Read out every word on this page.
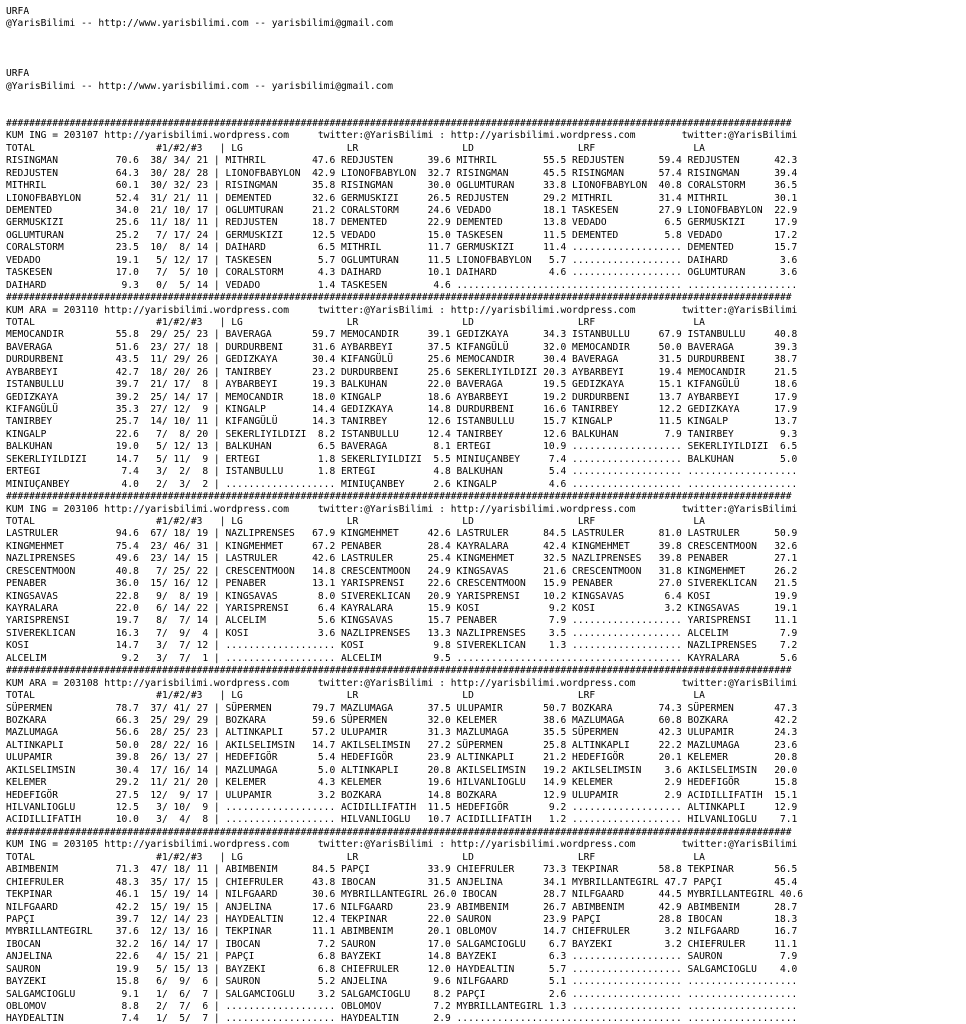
URFA
@YarisBilimi -- http://www.yarisbilimi.com -- yarisbilimi@gmail.com
URFA
@YarisBilimi -- http://www.yarisbilimi.com -- yarisbilimi@gmail.com
########################################################################################################################################
KUM ING = 203107 http://yarisbilimi.wordpress.com     twitter:@YarisBilimi : http://yarisbilimi.wordpress.com        twitter:@YarisBilimi
TOTAL                     #1/#2/#3   | LG                  LR                  LD                  LRF                 LA
RISINGMAN          70.6  38/ 34/ 21 | MITHRIL        47.6 REDJUSTEN      39.6 MITHRIL        55.5 REDJUSTEN      59.4 REDJUSTEN      42.3
REDJUSTEN          64.3  30/ 28/ 28 | LIONOFBABYLON  42.9 LIONOFBABYLON  32.7 RISINGMAN      45.5 RISINGMAN      57.4 RISINGMAN      39.4
MITHRIL            60.1  30/ 32/ 23 | RISINGMAN      35.8 RISINGMAN      30.0 OGLUMTURAN     33.8 LIONOFBABYLON  40.8 CORALSTORM     36.5
LIONOFBABYLON      52.4  31/ 21/ 11 | DEMENTED       32.6 GERMUSKIZI     26.5 REDJUSTEN      29.2 MITHRIL        31.4 MITHRIL        30.1
DEMENTED           34.0  21/ 10/ 17 | OGLUMTURAN     21.2 CORALSTORM     24.6 VEDADO         18.1 TASKESEN       27.9 LIONOFBABYLON  22.9
GERMUSKIZI         25.6  11/ 18/ 11 | REDJUSTEN      18.7 DEMENTED       22.9 DEMENTED       13.8 VEDADO          6.5 GERMUSKIZI     17.9
OGLUMTURAN         25.2   7/ 17/ 24 | GERMUSKIZI     12.5 VEDADO         15.0 TASKESEN       11.5 DEMENTED        5.8 VEDADO         17.2
CORALSTORM         23.5  10/  8/ 14 | DAIHARD         6.5 MITHRIL        11.7 GERMUSKIZI     11.4 ................... DEMENTED       15.7
VEDADO             19.1   5/ 12/ 17 | TASKESEN        5.7 OGLUMTURAN     11.5 LIONOFBABYLON   5.7 ................... DAIHARD         3.6
TASKESEN           17.0   7/  5/ 10 | CORALSTORM      4.3 DAIHARD        10.1 DAIHARD         4.6 ................... OGLUMTURAN      3.6
DAIHARD             9.3   0/  5/ 14 | VEDADO          1.4 TASKESEN        4.6 ....................................... ...................
########################################################################################################################################
KUM ARA = 203110 http://yarisbilimi.wordpress.com     twitter:@YarisBilimi : http://yarisbilimi.wordpress.com        twitter:@YarisBilimi
TOTAL                     #1/#2/#3   | LG                  LR                  LD                  LRF                 LA
MEMOCANDIR         55.8  29/ 25/ 23 | BAVERAGA       59.7 MEMOCANDIR     39.1 GEDIZKAYA      34.3 ISTANBULLU     67.9 ISTANBULLU     40.8
BAVERAGA           51.6  23/ 27/ 18 | DURDURBENI     31.6 AYBARBEYI      37.5 KIFANGÜLÜ      32.0 MEMOCANDIR     50.0 BAVERAGA       39.3
DURDURBENI         43.5  11/ 29/ 26 | GEDIZKAYA      30.4 KIFANGÜLÜ      25.6 MEMOCANDIR     30.4 BAVERAGA       31.5 DURDURBENI     38.7
AYBARBEYI          42.7  18/ 20/ 26 | TANIRBEY       23.2 DURDURBENI     25.6 SEKERLIYILDIZI 20.3 AYBARBEYI      19.4 MEMOCANDIR     21.5
ISTANBULLU         39.7  21/ 17/  8 | AYBARBEYI      19.3 BALKUHAN       22.0 BAVERAGA       19.5 GEDIZKAYA      15.1 KIFANGÜLÜ      18.6
GEDIZKAYA          39.2  25/ 14/ 17 | MEMOCANDIR     18.0 KINGALP        18.6 AYBARBEYI      19.2 DURDURBENI     13.7 AYBARBEYI      17.9
KIFANGÜLÜ          35.3  27/ 12/  9 | KINGALP        14.4 GEDIZKAYA      14.8 DURDURBENI     16.6 TANIRBEY       12.2 GEDIZKAYA      17.9
TANIRBEY           25.7  14/ 10/ 11 | KIFANGÜLÜ      14.3 TANIRBEY       12.6 ISTANBULLU     15.7 KINGALP        11.5 KINGALP        13.7
KINGALP            22.6   7/  8/ 20 | SEKERLIYILDIZI  8.2 ISTANBULLU     12.4 TANIRBEY       12.6 BALKUHAN        7.9 TANIRBEY        9.3
BALKUHAN           19.0   5/ 12/ 13 | BALKUHAN        6.5 BAVERAGA        8.1 ERTEGI         10.9 ................... SEKERLIYILDIZI  6.5
SEKERLIYILDIZI     14.7   5/ 11/  9 | ERTEGI          1.8 SEKERLIYILDIZI  5.5 MINIUÇANBEY     7.4 ................... BALKUHAN        5.0
ERTEGI              7.4   3/  2/  8 | ISTANBULLU      1.8 ERTEGI          4.8 BALKUHAN        5.4 ................... ...................
MINIUÇANBEY         4.0   2/  3/  2 | ................... MINIUÇANBEY     2.6 KINGALP         4.6 ................... ...................
########################################################################################################################################
KUM ING = 203106 http://yarisbilimi.wordpress.com     twitter:@YarisBilimi : http://yarisbilimi.wordpress.com        twitter:@YarisBilimi
TOTAL                     #1/#2/#3   | LG                  LR                  LD                  LRF                 LA
LASTRULER          94.6  67/ 18/ 19 | NAZLIPRENSES   67.9 KINGMEHMET     42.6 LASTRULER      84.5 LASTRULER      81.0 LASTRULER      50.9
KINGMEHMET         75.4  23/ 46/ 31 | KINGMEHMET     67.2 PENABER        28.4 KAYRALARA      42.4 KINGMEHMET     39.8 CRESCENTMOON   32.6
NAZLIPRENSES       49.6  23/ 14/ 15 | LASTRULER      42.6 LASTRULER      25.4 KINGMEHMET     32.5 NAZLIPRENSES   39.8 PENABER        27.1
CRESCENTMOON       40.8   7/ 25/ 22 | CRESCENTMOON   14.8 CRESCENTMOON   24.9 KINGSAVAS      21.6 CRESCENTMOON   31.8 KINGMEHMET     26.2
PENABER            36.0  15/ 16/ 12 | PENABER        13.1 YARISPRENSI    22.6 CRESCENTMOON   15.9 PENABER        27.0 SIVEREKLICAN   21.5
KINGSAVAS          22.8   9/  8/ 19 | KINGSAVAS       8.0 SIVEREKLICAN   20.9 YARISPRENSI    10.2 KINGSAVAS       6.4 KOSI           19.9
KAYRALARA          22.0   6/ 14/ 22 | YARISPRENSI     6.4 KAYRALARA      15.9 KOSI            9.2 KOSI            3.2 KINGSAVAS      19.1
YARISPRENSI        19.7   8/  7/ 14 | ALCELIM         5.6 KINGSAVAS      15.7 PENABER         7.9 ................... YARISPRENSI    11.1
SIVEREKLICAN       16.3   7/  9/  4 | KOSI            3.6 NAZLIPRENSES   13.3 NAZLIPRENSES    3.5 ................... ALCELIM         7.9
KOSI               14.7   3/  7/ 12 | ................... KOSI            9.8 SIVEREKLICAN    1.3 ................... NAZLIPRENSES    7.2
ALCELIM             9.2   3/  7/  1 | ................... ALCELIM         9.5 ....................................... KAYRALARA       5.6
########################################################################################################################################
KUM ARA = 203108 http://yarisbilimi.wordpress.com     twitter:@YarisBilimi : http://yarisbilimi.wordpress.com        twitter:@YarisBilimi
TOTAL                     #1/#2/#3   | LG                  LR                  LD                  LRF                 LA
SÜPERMEN           78.7  37/ 41/ 27 | SÜPERMEN       79.7 MAZLUMAGA      37.5 ULUPAMIR       50.7 BOZKARA        74.3 SÜPERMEN       47.3
BOZKARA            66.3  25/ 29/ 29 | BOZKARA        59.6 SÜPERMEN       32.0 KELEMER        38.6 MAZLUMAGA      60.8 BOZKARA        42.2
MAZLUMAGA          56.6  28/ 25/ 23 | ALTINKAPLI     57.2 ULUPAMIR       31.3 MAZLUMAGA      35.5 SÜPERMEN       42.3 ULUPAMIR       24.3
ALTINKAPLI         50.0  28/ 22/ 16 | AKILSELIMSIN   14.7 AKILSELIMSIN   27.2 SÜPERMEN       25.8 ALTINKAPLI     22.2 MAZLUMAGA      23.6
ULUPAMIR           39.8  26/ 13/ 27 | HEDEFIGÖR       5.4 HEDEFIGÖR      23.9 ALTINKAPLI     21.2 HEDEFIGÖR      20.1 KELEMER        20.8
AKILSELIMSIN       30.4  17/ 16/ 14 | MAZLUMAGA       5.0 ALTINKAPLI     20.8 AKILSELIMSIN   19.2 AKILSELIMSIN    3.6 AKILSELIMSIN   20.0
KELEMER            29.2  11/ 21/ 20 | KELEMER         4.3 KELEMER        19.6 HILVANLIOGLU   14.9 KELEMER         2.9 HEDEFIGÖR      15.8
HEDEFIGÖR          27.5  12/  9/ 17 | ULUPAMIR        3.2 BOZKARA        14.8 BOZKARA        12.9 ULUPAMIR        2.9 ACIDILLIFATIH  15.1
HILVANLIOGLU       12.5   3/ 10/  9 | ................... ACIDILLIFATIH  11.5 HEDEFIGÖR       9.2 ................... ALTINKAPLI     12.9
ACIDILLIFATIH      10.0   3/  4/  8 | ................... HILVANLIOGLU   10.7 ACIDILLIFATIH   1.2 ................... HILVANLIOGLU    7.1
########################################################################################################################################
KUM ING = 203105 http://yarisbilimi.wordpress.com     twitter:@YarisBilimi : http://yarisbilimi.wordpress.com        twitter:@YarisBilimi
TOTAL                     #1/#2/#3   | LG                  LR                  LD                  LRF                 LA
ABIMBENIM          71.3  47/ 18/ 11 | ABIMBENIM      84.5 PAPÇI          33.9 CHIEFRULER     73.3 TEKPINAR       58.8 TEKPINAR       56.5
CHIEFRULER         48.3  35/ 17/ 15 | CHIEFRULER     43.8 IBOCAN         31.5 ANJELINA       34.1 MYBRILLANTEGIRL 47.7 PAPÇI         45.4
TEKPINAR           46.1  15/ 19/ 14 | NILFGAARD      30.6 MYBRILLANTEGIRL 26.0 IBOCAN        28.7 NILFGAARD      44.5 MYBRILLANTEGIRL 40.6
NILFGAARD          42.2  15/ 19/ 15 | ANJELINA       17.6 NILFGAARD      23.9 ABIMBENIM      26.7 ABIMBENIM      42.9 ABIMBENIM      28.7
PAPÇI              39.7  12/ 14/ 23 | HAYDEALTIN     12.4 TEKPINAR       22.0 SAURON         23.9 PAPÇI          28.8 IBOCAN         18.3
MYBRILLANTEGIRL    37.6  12/ 13/ 16 | TEKPINAR       11.1 ABIMBENIM      20.1 OBLOMOV        14.7 CHIEFRULER      3.2 NILFGAARD      16.7
IBOCAN             32.2  16/ 14/ 17 | IBOCAN          7.2 SAURON         17.0 SALGAMCIOGLU    6.7 BAYZEKI         3.2 CHIEFRULER     11.1
ANJELINA           22.6   4/ 15/ 21 | PAPÇI           6.8 BAYZEKI        14.8 BAYZEKI         6.3 ................... SAURON          7.9
SAURON             19.9   5/ 15/ 13 | BAYZEKI         6.8 CHIEFRULER     12.0 HAYDEALTIN      5.7 ................... SALGAMCIOGLU    4.0
BAYZEKI            15.8   6/  9/  6 | SAURON          5.2 ANJELINA        9.6 NILFGAARD       5.1 ................... ...................
SALGAMCIOGLU        9.1   1/  6/  7 | SALGAMCIOGLU    3.2 SALGAMCIOGLU    8.2 PAPÇI           2.6 ................... ...................
OBLOMOV             8.8   2/  7/  6 | ................... OBLOMOV         7.2 MYBRILLANTEGIRL 1.3 ................... ...................
HAYDEALTIN          7.4   1/  5/  7 | ................... HAYDEALTIN      2.9 ....................................... ...................
